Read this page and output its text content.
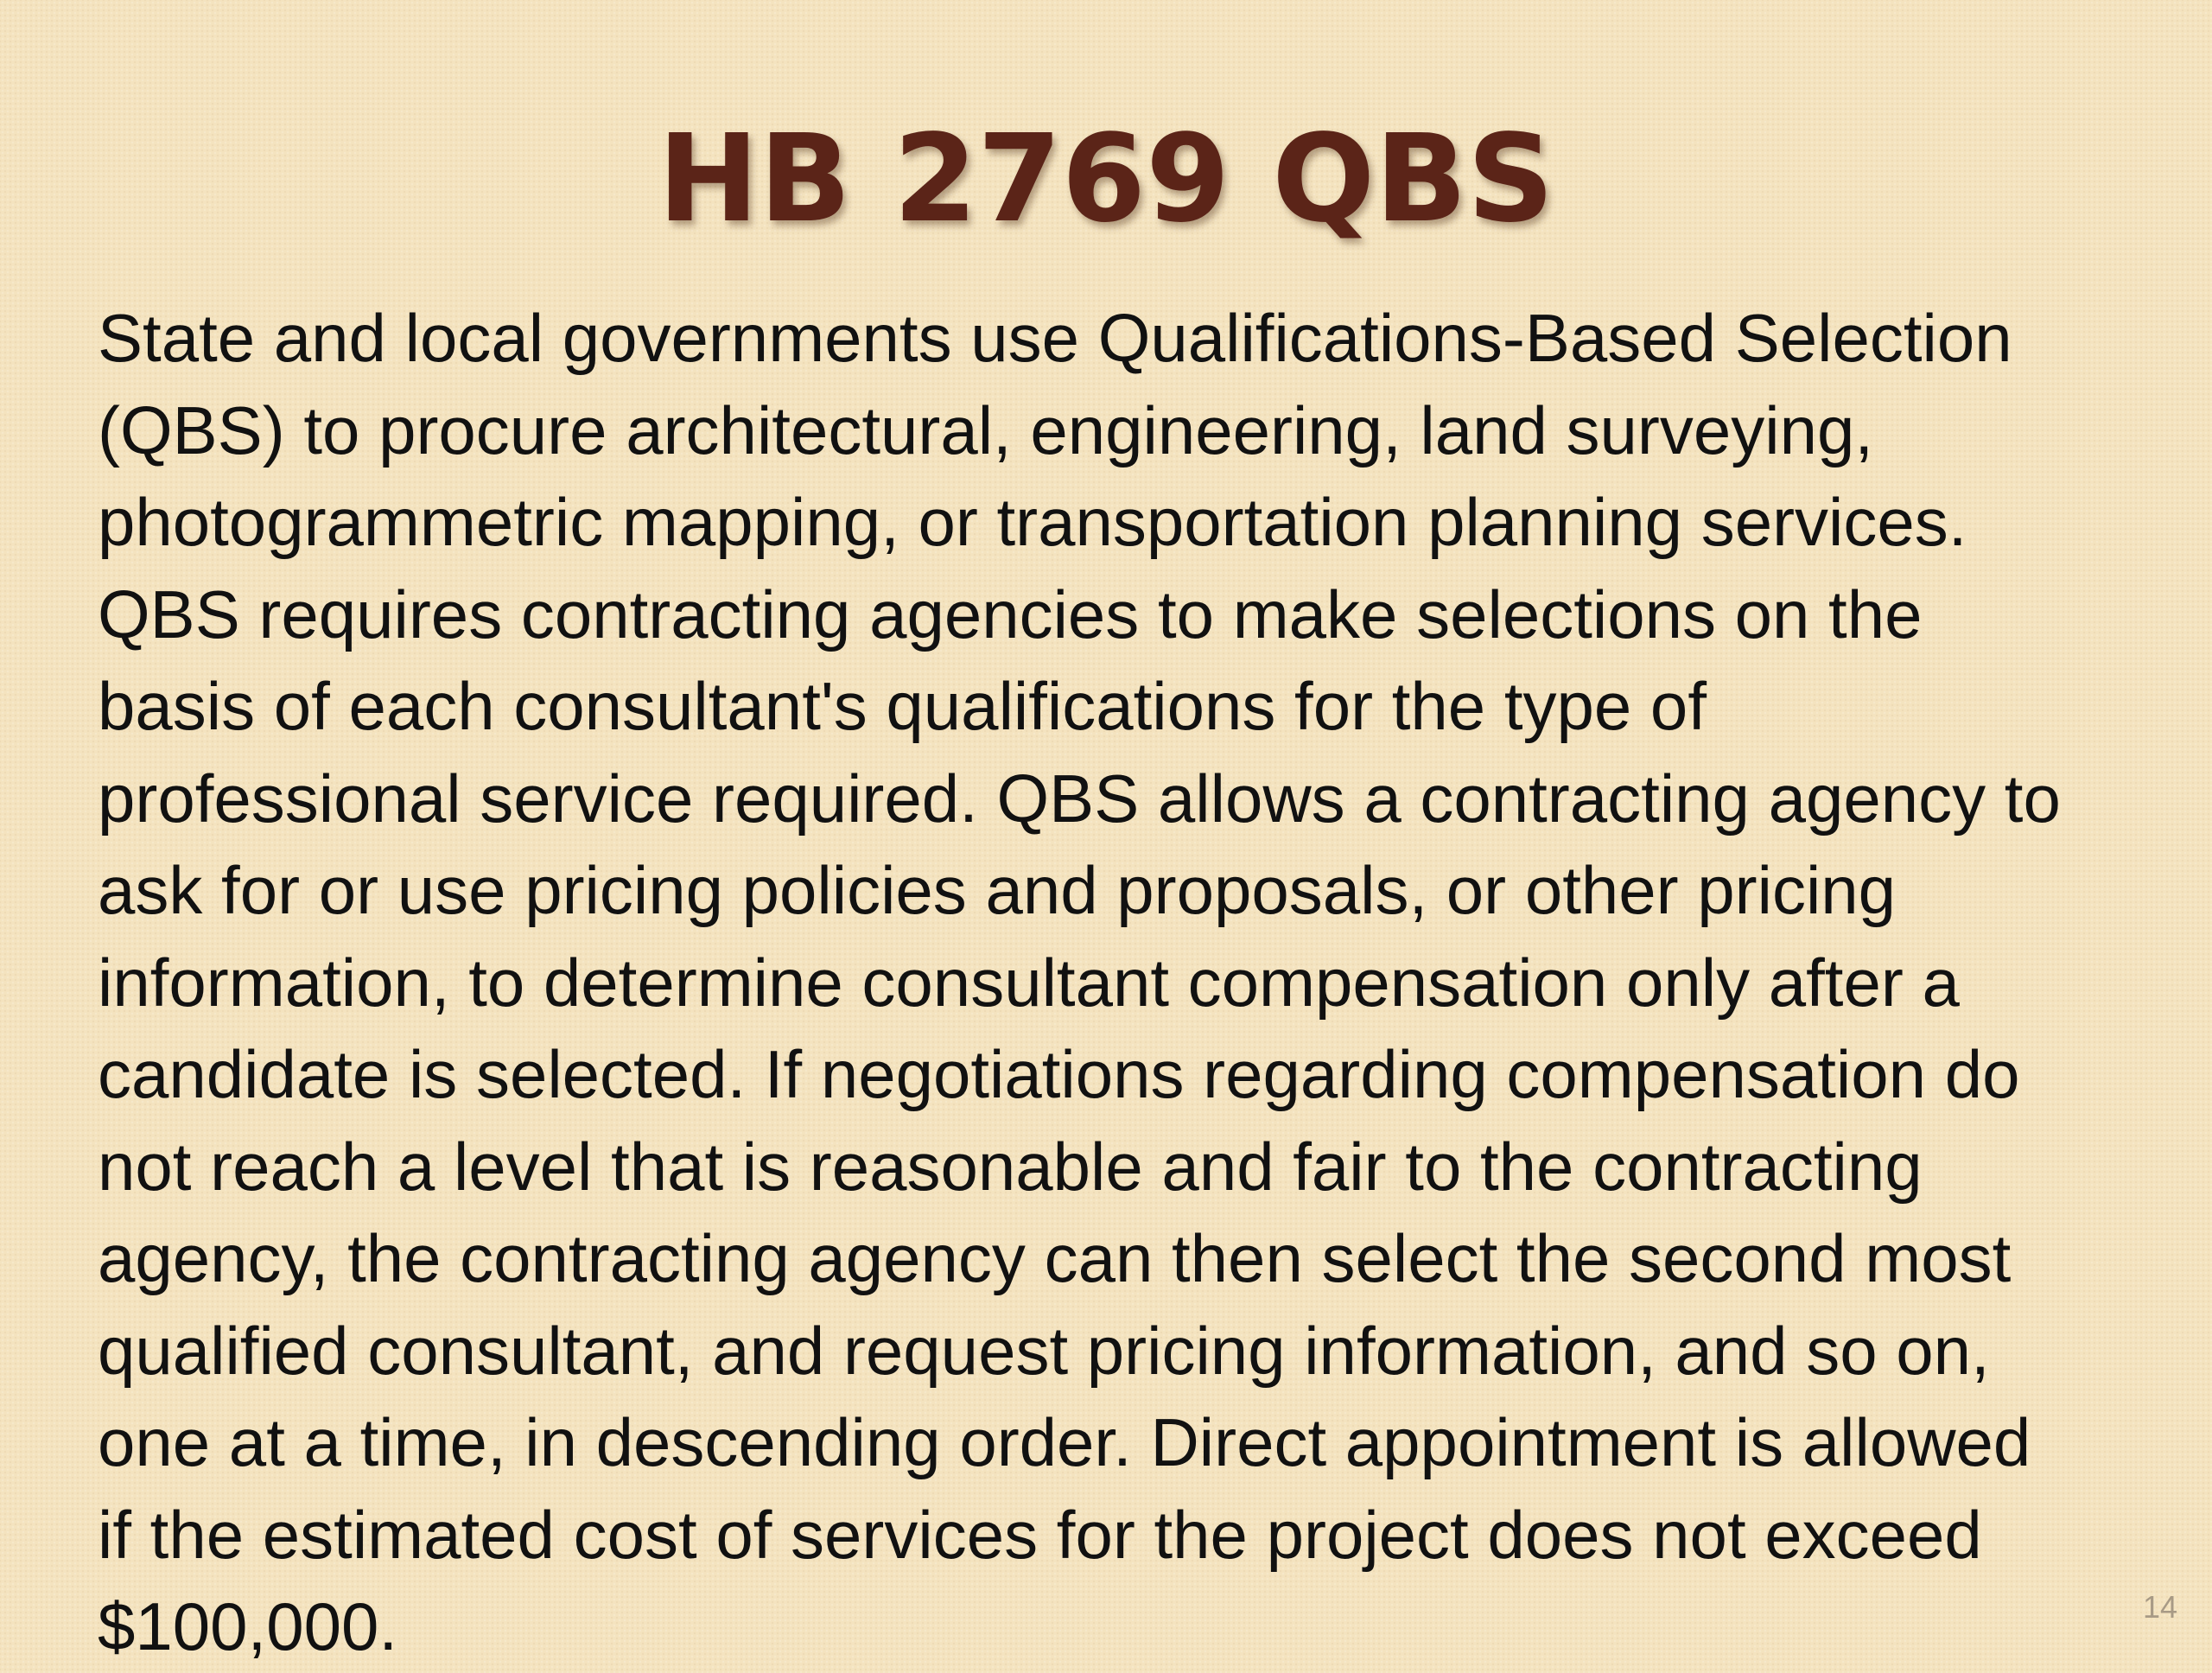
HB 2769 QBS
State and local governments use Qualifications-Based Selection
(QBS) to procure architectural, engineering, land surveying,
photogrammetric mapping, or transportation planning services.
QBS requires contracting agencies to make selections on the
basis of each consultant's qualifications for the type of
professional service required. QBS allows a contracting agency to
ask for or use pricing policies and proposals, or other pricing
information, to determine consultant compensation only after a
candidate is selected. If negotiations regarding compensation do
not reach a level that is reasonable and fair to the contracting
agency, the contracting agency can then select the second most
qualified consultant, and request pricing information, and so on,
one at a time, in descending order. Direct appointment is allowed
if the estimated cost of services for the project does not exceed
$100,000.	14
